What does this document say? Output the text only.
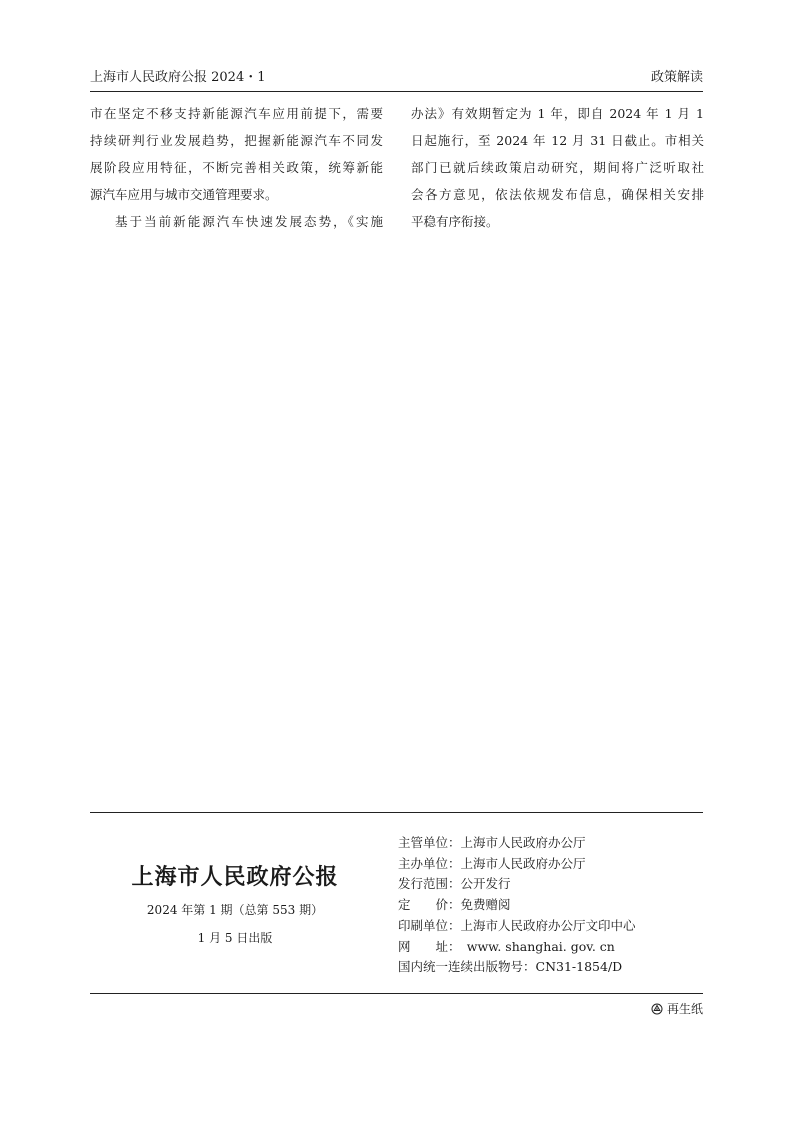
上海市人民政府公报 2024・1	政策解读
市在坚定不移支持新能源汽车应用前提下，需要
持续研判行业发展趋势，把握新能源汽车不同发
展阶段应用特征，不断完善相关政策，统筹新能
源汽车应用与城市交通管理要求。
基于当前新能源汽车快速发展态势，《实施
办法》有效期暂定为 1 年，即自 2024 年 1 月 1
日起施行，至 2024 年 12 月 31 日截止。市相关
部门已就后续政策启动研究，期间将广泛听取社
会各方意见，依法依规发布信息，确保相关安排
平稳有序衔接。
上海市人民政府公报
2024 年第 1 期（总第 553 期）
1 月 5 日出版
主管单位：上海市人民政府办公厅
主办单位：上海市人民政府办公厅
发行范围：公开发行
定　　价：免费赠阅
印刷单位：上海市人民政府办公厅文印中心
网　　址：　www. shanghai. gov. cn
国内统一连续出版物号：CN31-1854/D
再生纸
